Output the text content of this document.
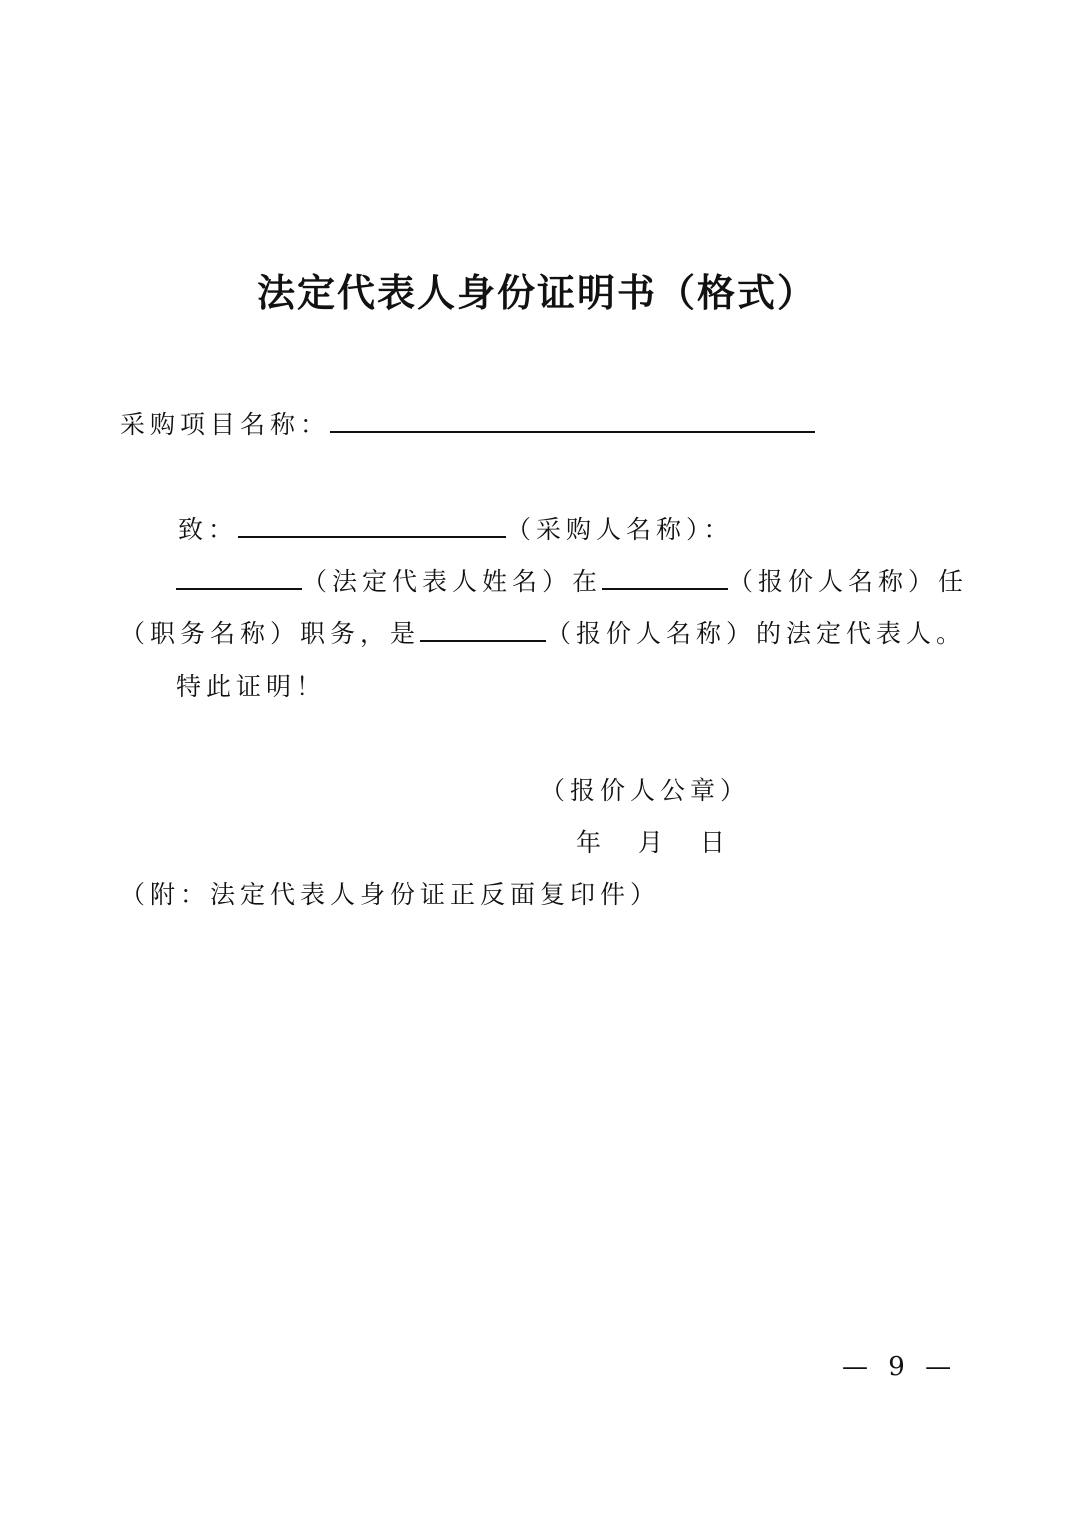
法定代表人身份证明书（格式）
采购项目名称：
致：	（采购人名称）：
（法定代表人姓名）在	（报价人名称）任
（职务名称）职务，是	（报价人名称）的法定代表人。
特此证明！
（报价人公章）
年　月　日
（附：法定代表人身份证正反面复印件）
— 9 —
